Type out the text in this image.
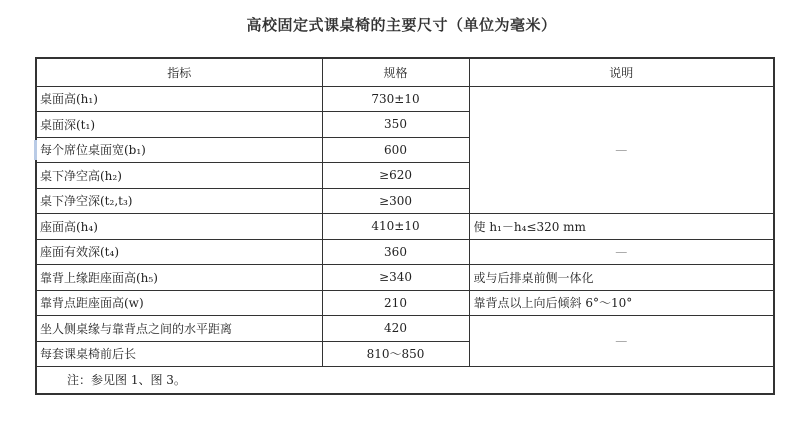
高校固定式课桌椅的主要尺寸（单位为毫米）
指标	规格	说明
桌面高(h₁)	730±10	—
桌面深(t₁)	350	

每个席位桌面宽(b₁)	600	
桌下净空高(h₂)	≥620	
桌下净空深(t₂,t₃)	≥300	
座面高(h₄)	410±10	使 h₁－h₄≤320 mm
座面有效深(t₄)	360	—
靠背上缘距座面高(h₅)	≥340	或与后排桌前侧一体化
靠背点距座面高(w)	210	靠背点以上向后倾斜 6°～10°
坐人侧桌缘与靠背点之间的水平距离	420	—
每套课桌椅前后长	810～850	
注：参见图 1、图 3。		
